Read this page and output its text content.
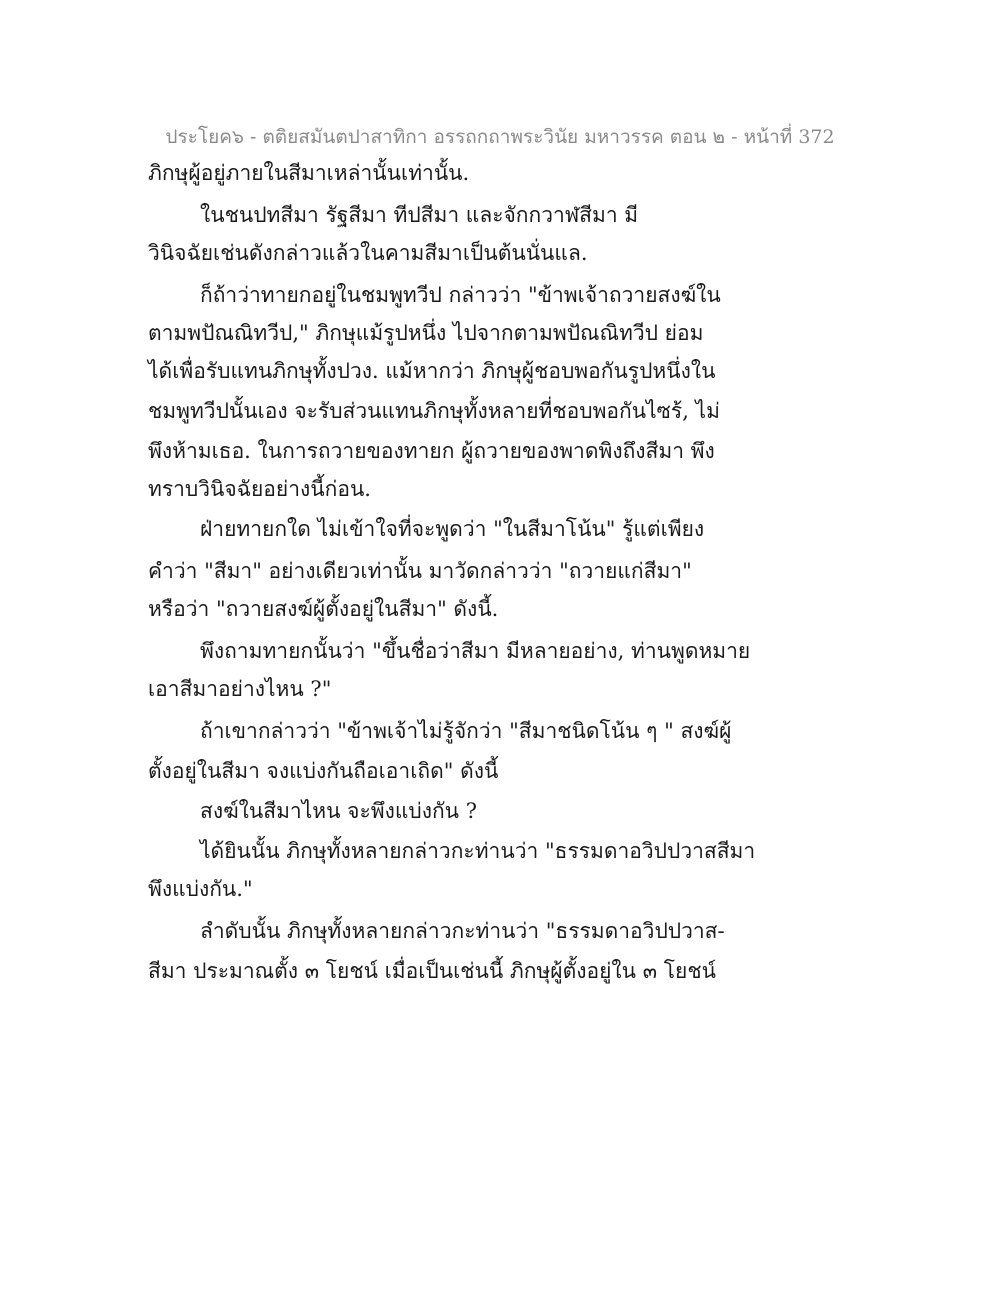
ประโยค๖ - ตติยสมันตปาสาทิกา อรรถกถาพระวินัย มหาวรรค ตอน ๒ - หน้าที่ 372
ภิกษุผู้อยู่ภายในสีมาเหล่านั้นเท่านั้น.
ในชนปทสีมา รัฐสีมา ทีปสีมา และจักกวาฬสีมา มี
วินิจฉัยเช่นดังกล่าวแล้วในคามสีมาเป็นต้นนั่นแล.
ก็ถ้าว่าทายกอยู่ในชมพูทวีป กล่าวว่า "ข้าพเจ้าถวายสงฆ์ใน
ตามพปัณณิทวีป," ภิกษุแม้รูปหนึ่ง ไปจากตามพปัณณิทวีป ย่อม
ได้เพื่อรับแทนภิกษุทั้งปวง. แม้หากว่า ภิกษุผู้ชอบพอกันรูปหนึ่งใน
ชมพูทวีปนั้นเอง จะรับส่วนแทนภิกษุทั้งหลายที่ชอบพอกันไซร้, ไม่
พึงห้ามเธอ. ในการถวายของทายก ผู้ถวายของพาดพิงถึงสีมา พึง
ทราบวินิจฉัยอย่างนี้ก่อน.
ฝ่ายทายกใด ไม่เข้าใจที่จะพูดว่า "ในสีมาโน้น" รู้แต่เพียง
คำว่า "สีมา" อย่างเดียวเท่านั้น มาวัดกล่าวว่า "ถวายแก่สีมา"
หรือว่า "ถวายสงฆ์ผู้ตั้งอยู่ในสีมา" ดังนี้.
พึงถามทายกนั้นว่า "ขึ้นชื่อว่าสีมา มีหลายอย่าง, ท่านพูดหมาย
เอาสีมาอย่างไหน ?"
ถ้าเขากล่าวว่า "ข้าพเจ้าไม่รู้จักว่า "สีมาชนิดโน้น ๆ " สงฆ์ผู้
ตั้งอยู่ในสีมา จงแบ่งกันถือเอาเถิด" ดังนี้
สงฆ์ในสีมาไหน จะพึงแบ่งกัน ?
ได้ยินนั้น ภิกษุทั้งหลายกล่าวกะท่านว่า "ธรรมดาอวิปปวาสสีมา
พึงแบ่งกัน."
ลำดับนั้น ภิกษุทั้งหลายกล่าวกะท่านว่า "ธรรมดาอวิปปวาส-
สีมา ประมาณตั้ง ๓ โยชน์ เมื่อเป็นเช่นนี้ ภิกษุผู้ตั้งอยู่ใน ๓ โยชน์
